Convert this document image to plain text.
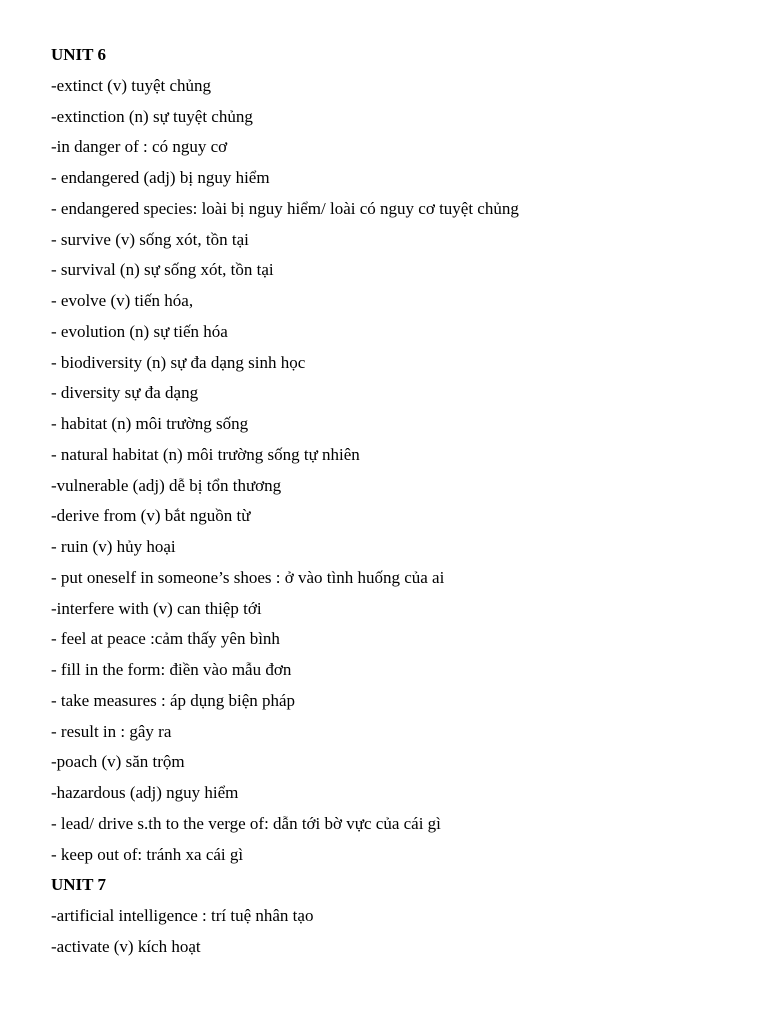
UNIT 6
-extinct (v) tuyệt chủng
-extinction (n) sự tuyệt chủng
-in danger of : có nguy cơ
- endangered (adj) bị nguy hiểm
- endangered species: loài bị nguy hiểm/ loài có nguy cơ tuyệt chủng
- survive (v) sống xót, tồn tại
- survival (n) sự sống xót, tồn tại
- evolve (v) tiến hóa,
- evolution (n) sự tiến hóa
- biodiversity (n) sự đa dạng sinh học
- diversity sự đa dạng
- habitat (n) môi trường sống
- natural habitat (n) môi trường sống tự nhiên
-vulnerable (adj) dễ bị tổn thương
-derive from (v) bắt nguồn từ
- ruin (v) hủy hoại
- put oneself in someone’s shoes : ở vào tình huống của ai
-interfere with (v) can thiệp tới
- feel at peace :cảm thấy yên bình
- fill in the form: điền vào mẫu đơn
- take measures : áp dụng biện pháp
- result in : gây ra
-poach (v) săn trộm
-hazardous (adj) nguy hiểm
- lead/ drive s.th to the verge of: dẫn tới bờ vực của cái gì
- keep out of: tránh xa cái gì
UNIT 7
-artificial intelligence : trí tuệ nhân tạo
-activate (v) kích hoạt
